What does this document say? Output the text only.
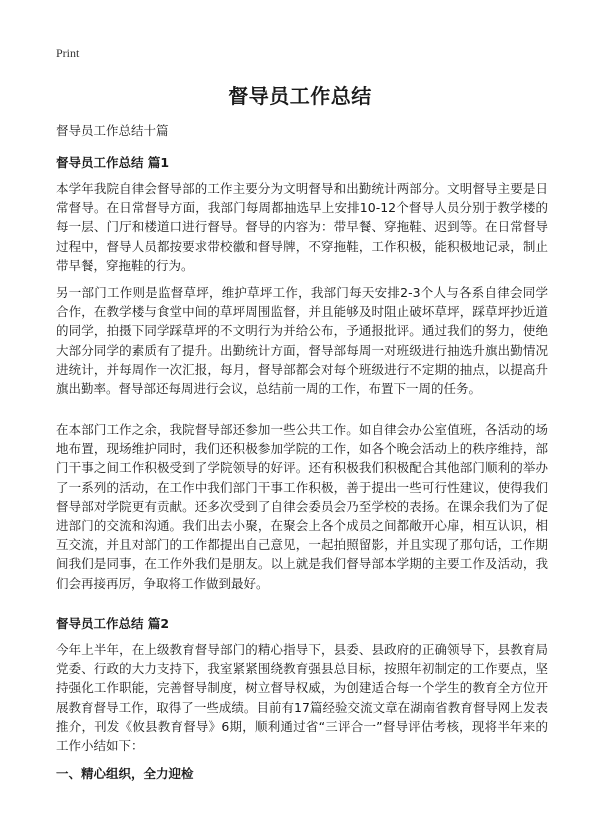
Print
督导员工作总结
督导员工作总结十篇
督导员工作总结 篇1

本学年我院自律会督导部的工作主要分为文明督导和出勤统计两部分。文明督导主要是日常督导。在日常督导方面，我部门每周都抽选早上安排10-12个督导人员分别于教学楼的每一层、门厅和楼道口进行督导。督导的内容为：带早餐、穿拖鞋、迟到等。在日常督导过程中，督导人员都按要求带校徽和督导牌，不穿拖鞋，工作积极，能积极地记录，制止带早餐，穿拖鞋的行为。

另一部门工作则是监督草坪，维护草坪工作，我部门每天安排2-3个人与各系自律会同学合作，在教学楼与食堂中间的草坪周围监督，并且能够及时阻止破坏草坪，踩草坪抄近道的同学，拍摄下同学踩草坪的不文明行为并给公布，予通报批评。通过我们的努力，使绝大部分同学的素质有了提升。出勤统计方面，督导部每周一对班级进行抽选升旗出勤情况进统计，并每周作一次汇报，每月，督导部都会对每个班级进行不定期的抽点，以提高升旗出勤率。督导部还每周进行会议，总结前一周的工作，布置下一周的任务。

在本部门工作之余，我院督导部还参加一些公共工作。如自律会办公室值班，各活动的场地布置，现场维护同时，我们还积极参加学院的工作，如各个晚会活动上的秩序维持，部门干事之间工作积极受到了学院领导的好评。还有积极我们积极配合其他部门顺利的举办了一系列的活动，在工作中我们部门干事工作积极，善于提出一些可行性建议，使得我们督导部对学院更有贡献。还多次受到了自律会委员会乃至学校的表扬。在课余我们为了促进部门的交流和沟通。我们出去小聚，在聚会上各个成员之间都敞开心扉，相互认识，相互交流，并且对部门的工作都提出自己意见，一起拍照留影，并且实现了那句话，工作期间我们是同事，在工作外我们是朋友。以上就是我们督导部本学期的主要工作及活动，我们会再接再厉，争取将工作做到最好。

督导员工作总结 篇2

今年上半年，在上级教育督导部门的精心指导下，县委、县政府的正确领导下，县教育局党委、行政的大力支持下，我室紧紧围绕教育强县总目标，按照年初制定的工作要点，坚持强化工作职能，完善督导制度，树立督导权威，为创建适合每一个学生的教育全方位开展教育督导工作，取得了一些成绩。目前有17篇经验交流文章在湖南省教育督导网上发表推介，刊发《攸县教育督导》6期，顺利通过省“三评合一”督导评估考核，现将半年来的工作小结如下：

一、精心组织，全力迎检
